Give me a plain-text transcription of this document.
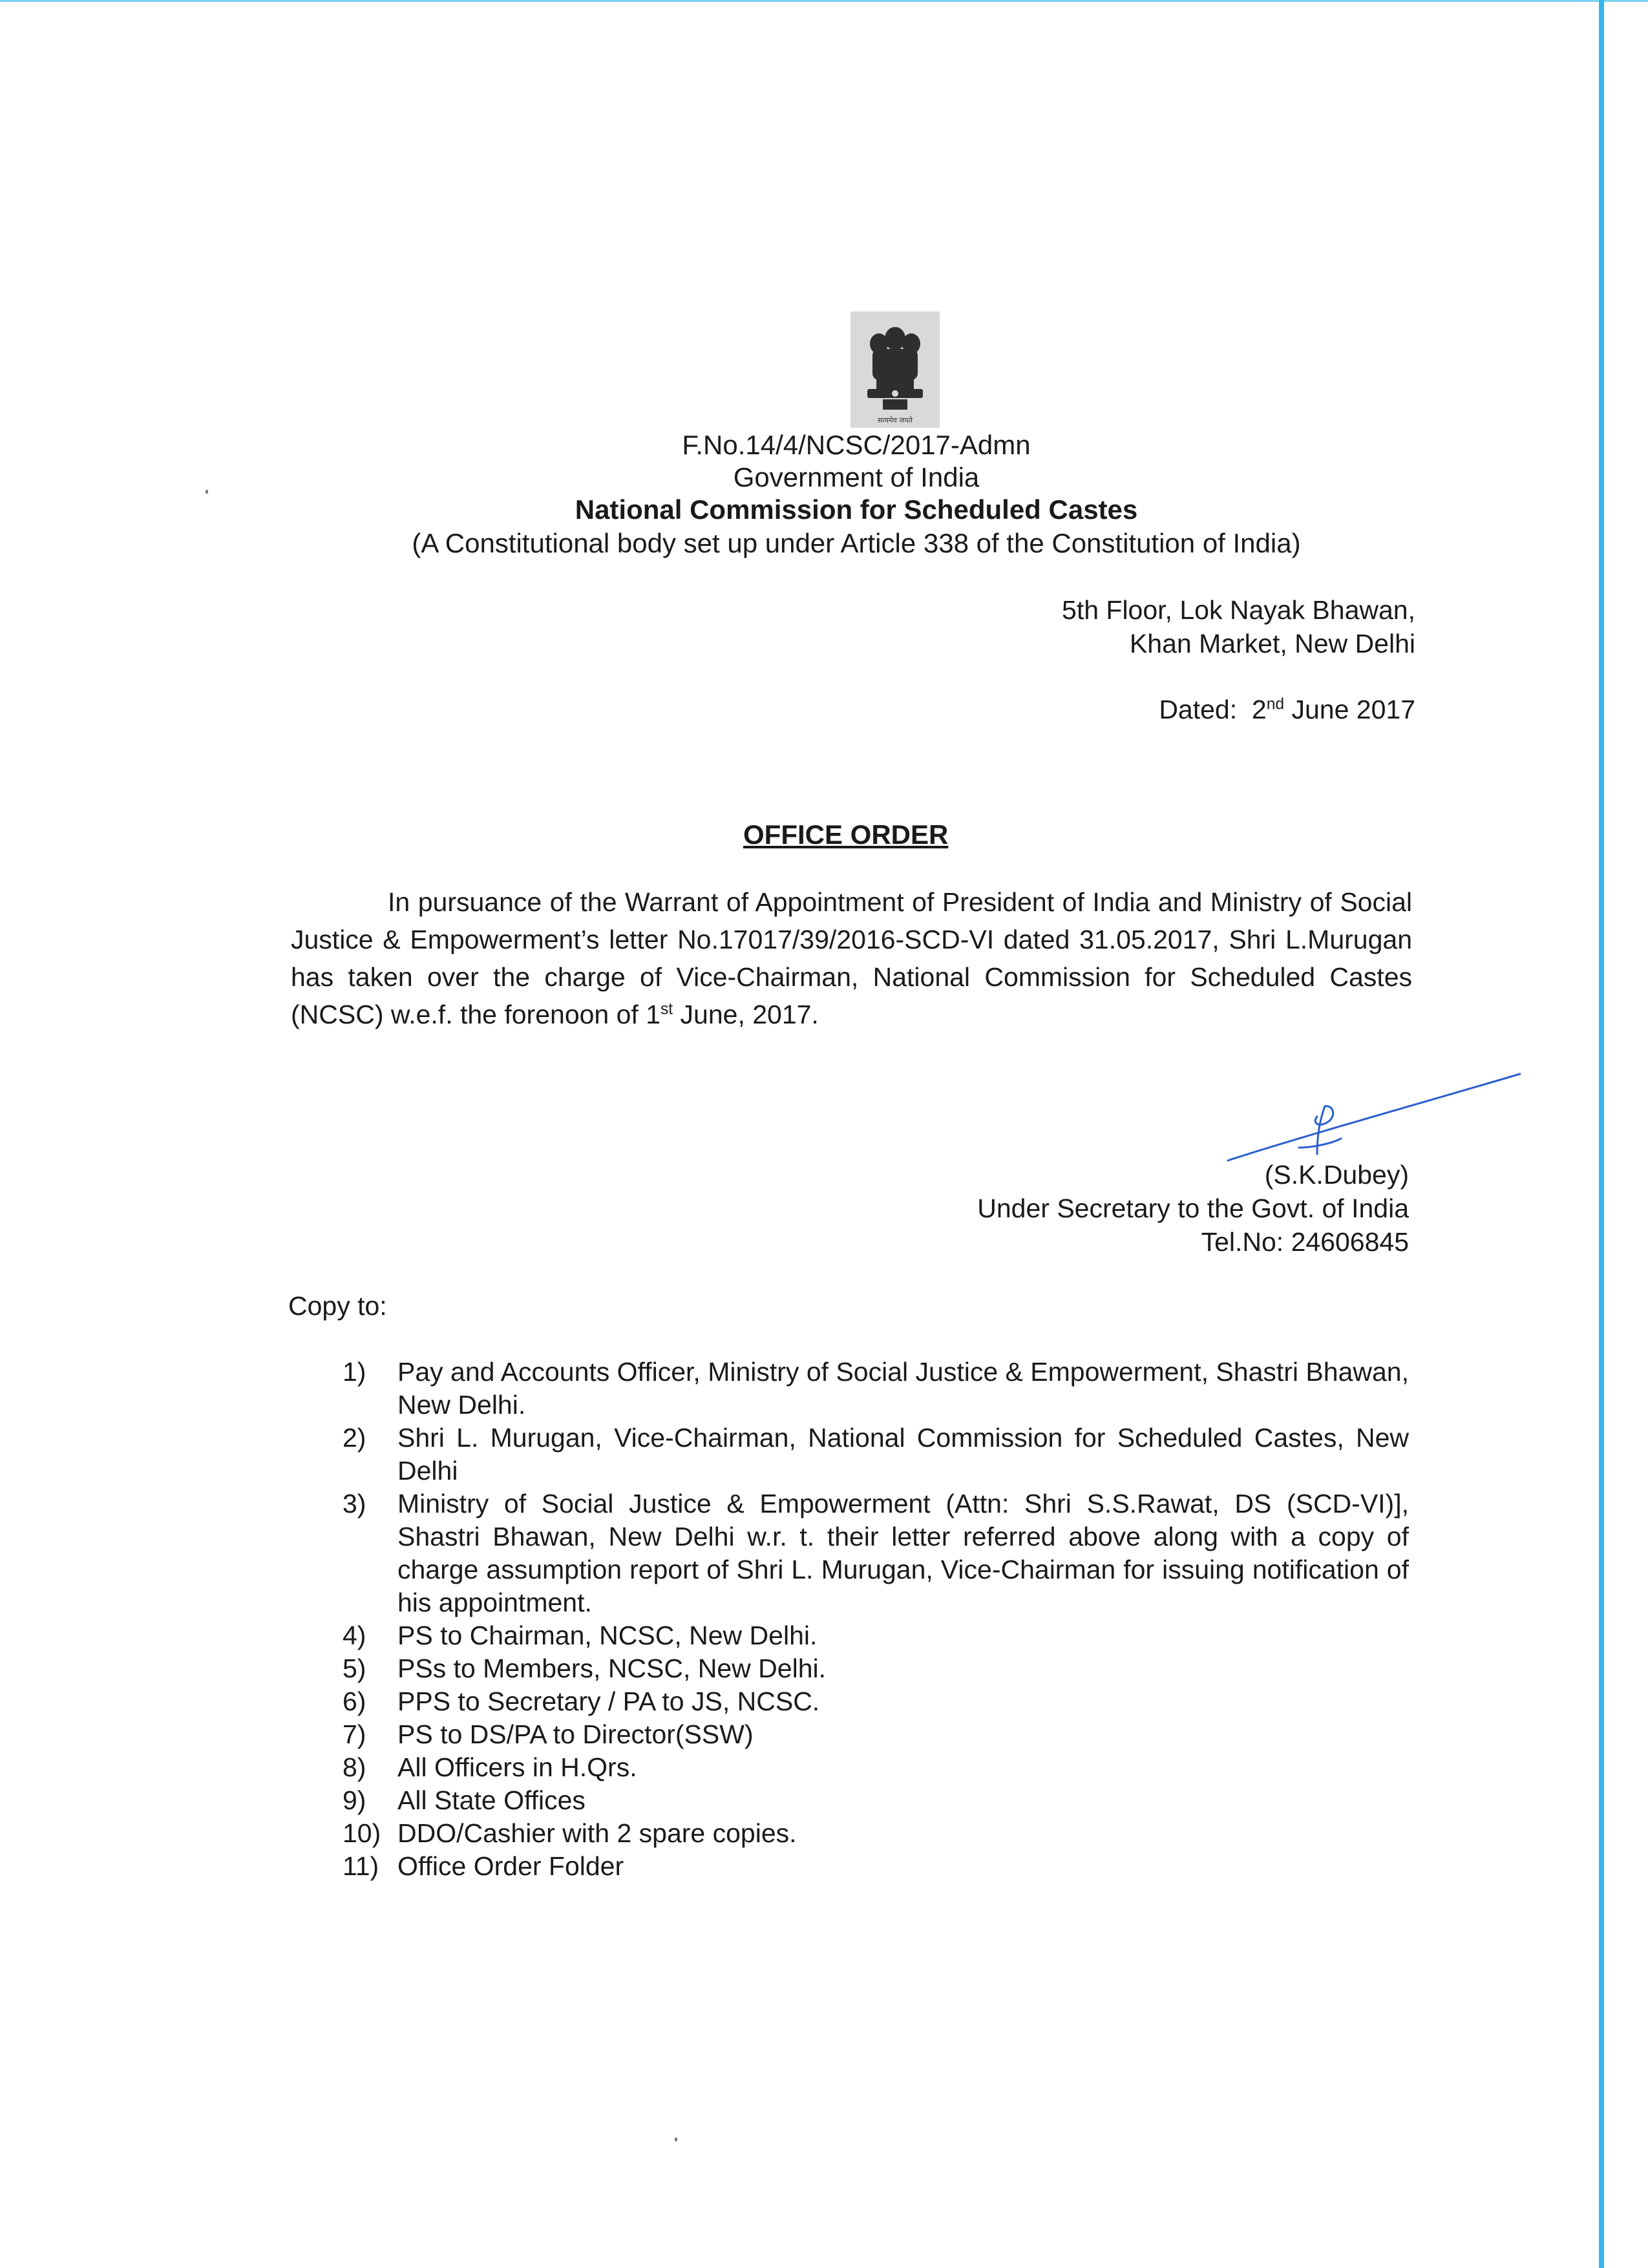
सत्यमेव जयते
F.No.14/4/NCSC/2017-Admn
Government of India
National Commission for Scheduled Castes
(A Constitutional body set up under Article 338 of the Constitution of India)
5th Floor, Lok Nayak Bhawan,
Khan Market, New Delhi
Dated: 2nd June 2017
OFFICE ORDER
In pursuance of the Warrant of Appointment of President of India and Ministry of Social Justice & Empowerment’s letter No.17017/39/2016-SCD-VI dated 31.05.2017, Shri L.Murugan has taken over the charge of Vice-Chairman, National Commission for Scheduled Castes (NCSC) w.e.f. the forenoon of 1st June, 2017.
(S.K.Dubey)
Under Secretary to the Govt. of India
Tel.No: 24606845
Copy to:
1) Pay and Accounts Officer, Ministry of Social Justice & Empowerment, Shastri Bhawan, New Delhi.
2) Shri L. Murugan, Vice-Chairman, National Commission for Scheduled Castes, New Delhi
3) Ministry of Social Justice & Empowerment (Attn: Shri S.S.Rawat, DS (SCD-VI)], Shastri Bhawan, New Delhi w.r. t. their letter referred above along with a copy of charge assumption report of Shri L. Murugan, Vice-Chairman for issuing notification of his appointment.
4) PS to Chairman, NCSC, New Delhi.
5) PSs to Members, NCSC, New Delhi.
6) PPS to Secretary / PA to JS, NCSC.
7) PS to DS/PA to Director(SSW)
8) All Officers in H.Qrs.
9) All State Offices
10) DDO/Cashier with 2 spare copies.
11) Office Order Folder
